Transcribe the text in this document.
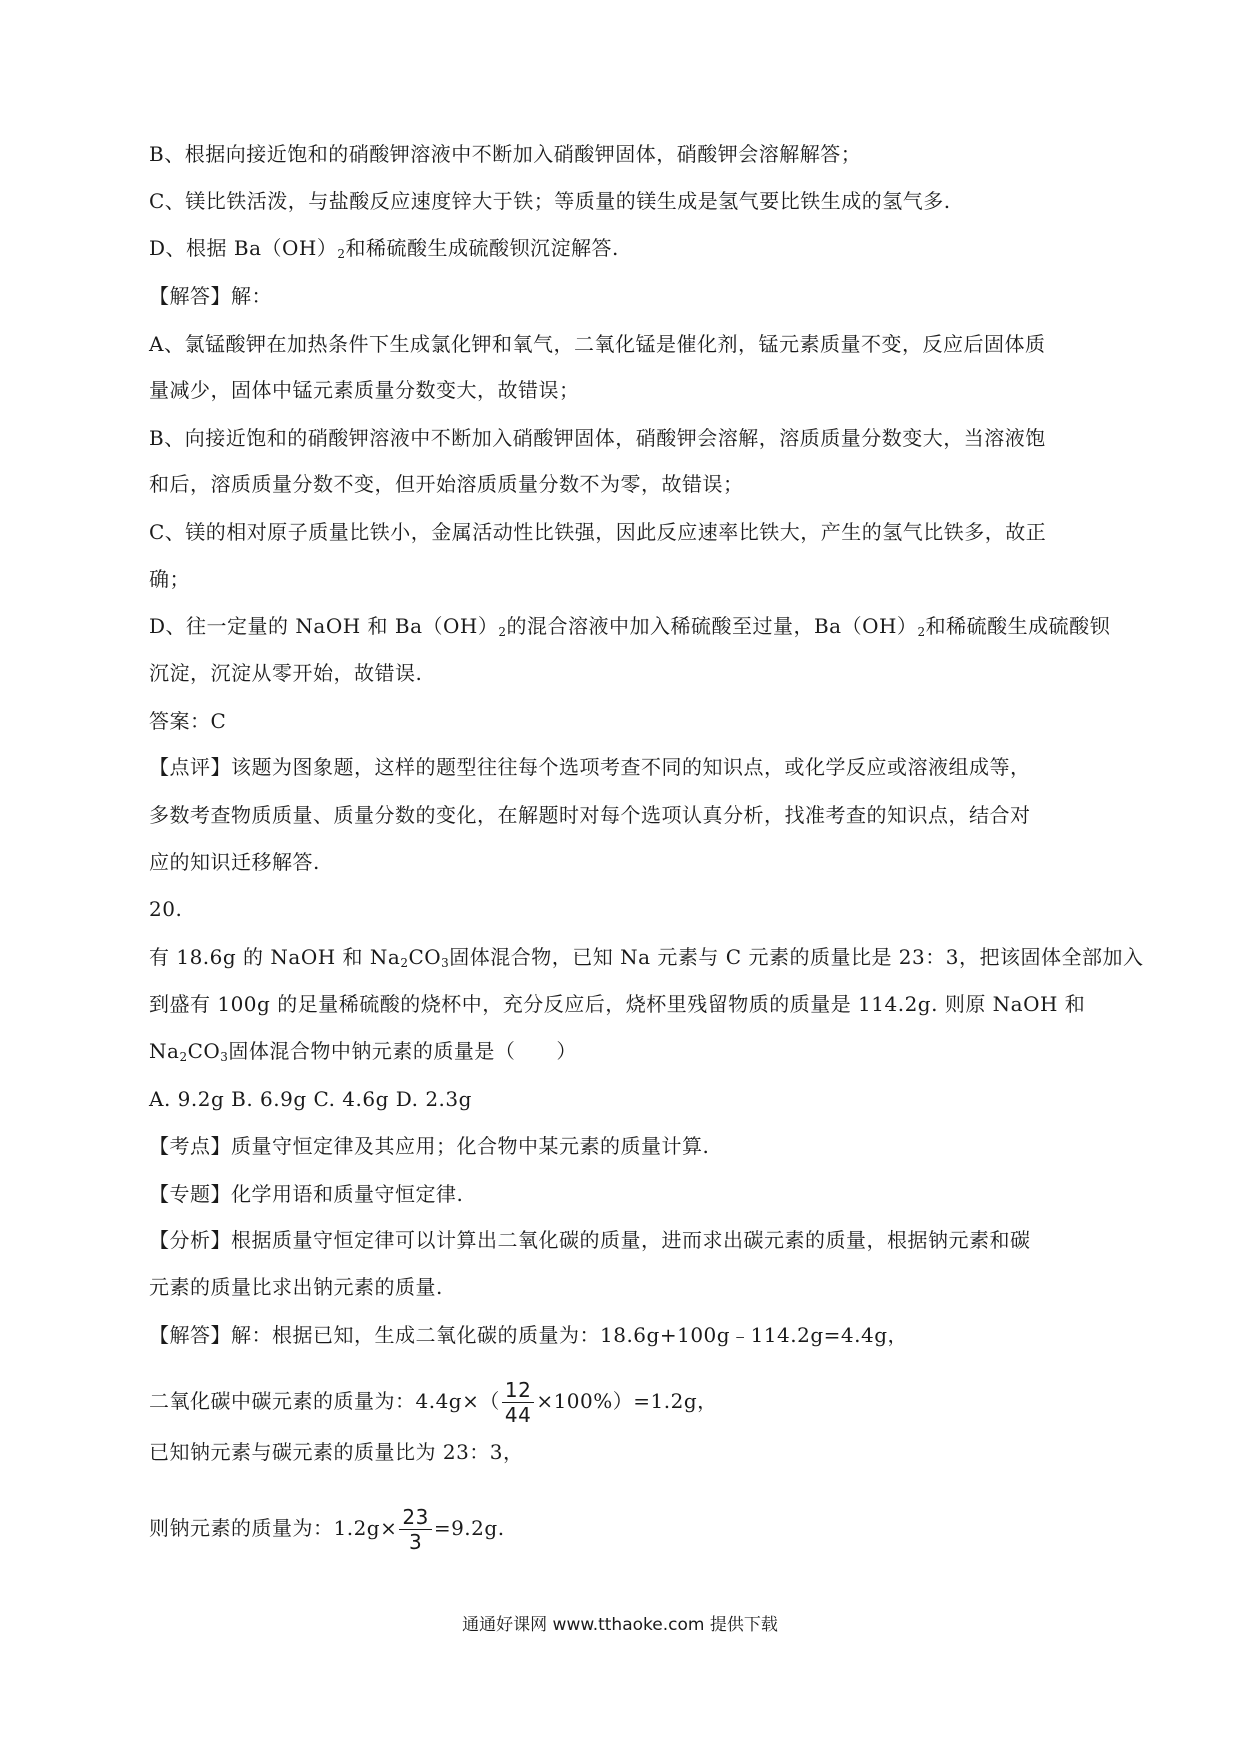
B、根据向接近饱和的硝酸钾溶液中不断加入硝酸钾固体，硝酸钾会溶解解答；
C、镁比铁活泼，与盐酸反应速度锌大于铁；等质量的镁生成是氢气要比铁生成的氢气多.
D、根据 $Ba(OH)_2$和稀硫酸生成硫酸钡沉淀解答.
【解答】解：
A、氯锰酸钾在加热条件下生成氯化钾和氧气，二氧化锰是催化剂，锰元素质量不变，反应后固体质
量减少，固体中锰元素质量分数变大，故错误；
B、向接近饱和的硝酸钾溶液中不断加入硝酸钾固体，硝酸钾会溶解，溶质质量分数变大，当溶液饱
和后，溶质质量分数不变，但开始溶质质量分数不为零，故错误；
C、镁的相对原子质量比铁小，金属活动性比铁强，因此反应速率比铁大，产生的氢气比铁多，故正
确；
D、往一定量的 NaOH 和 $Ba(OH)_2$的混合溶液中加入稀硫酸至过量，$Ba(OH)_2$和稀硫酸生成硫酸钡
沉淀，沉淀从零开始，故错误.
答案：C
【点评】该题为图象题，这样的题型往往每个选项考查不同的知识点，或化学反应或溶液组成等，
多数考查物质质量、质量分数的变化，在解题时对每个选项认真分析，找准考查的知识点，结合对
应的知识迁移解答.
20.
有 18.6g 的 NaOH 和 $Na_2CO_3$固体混合物，已知 Na 元素与 C 元素的质量比是 23：3，把该固体全部加入
到盛有 100g 的足量稀硫酸的烧杯中，充分反应后，烧杯里残留物质的质量是 114.2g. 则原 NaOH 和
$Na_2CO_3$固体混合物中钠元素的质量是（　　）
A. 9.2g B. 6.9g C. 4.6g D. 2.3g
【考点】质量守恒定律及其应用；化合物中某元素的质量计算.
【专题】化学用语和质量守恒定律.
【分析】根据质量守恒定律可以计算出二氧化碳的质量，进而求出碳元素的质量，根据钠元素和碳
元素的质量比求出钠元素的质量.
【解答】解：根据已知，生成二氧化碳的质量为：18.6g+100g﹣114.2g=4.4g，
二氧化碳中碳元素的质量为：$4.4g\times( \frac{12}{44} \times 100\%)=1.2g$，
已知钠元素与碳元素的质量比为 23：3，
则钠元素的质量为：$1.2g\times \frac{23}{3} =9.2g$.
通通好课网 www.tthaoke.com 提供下载
